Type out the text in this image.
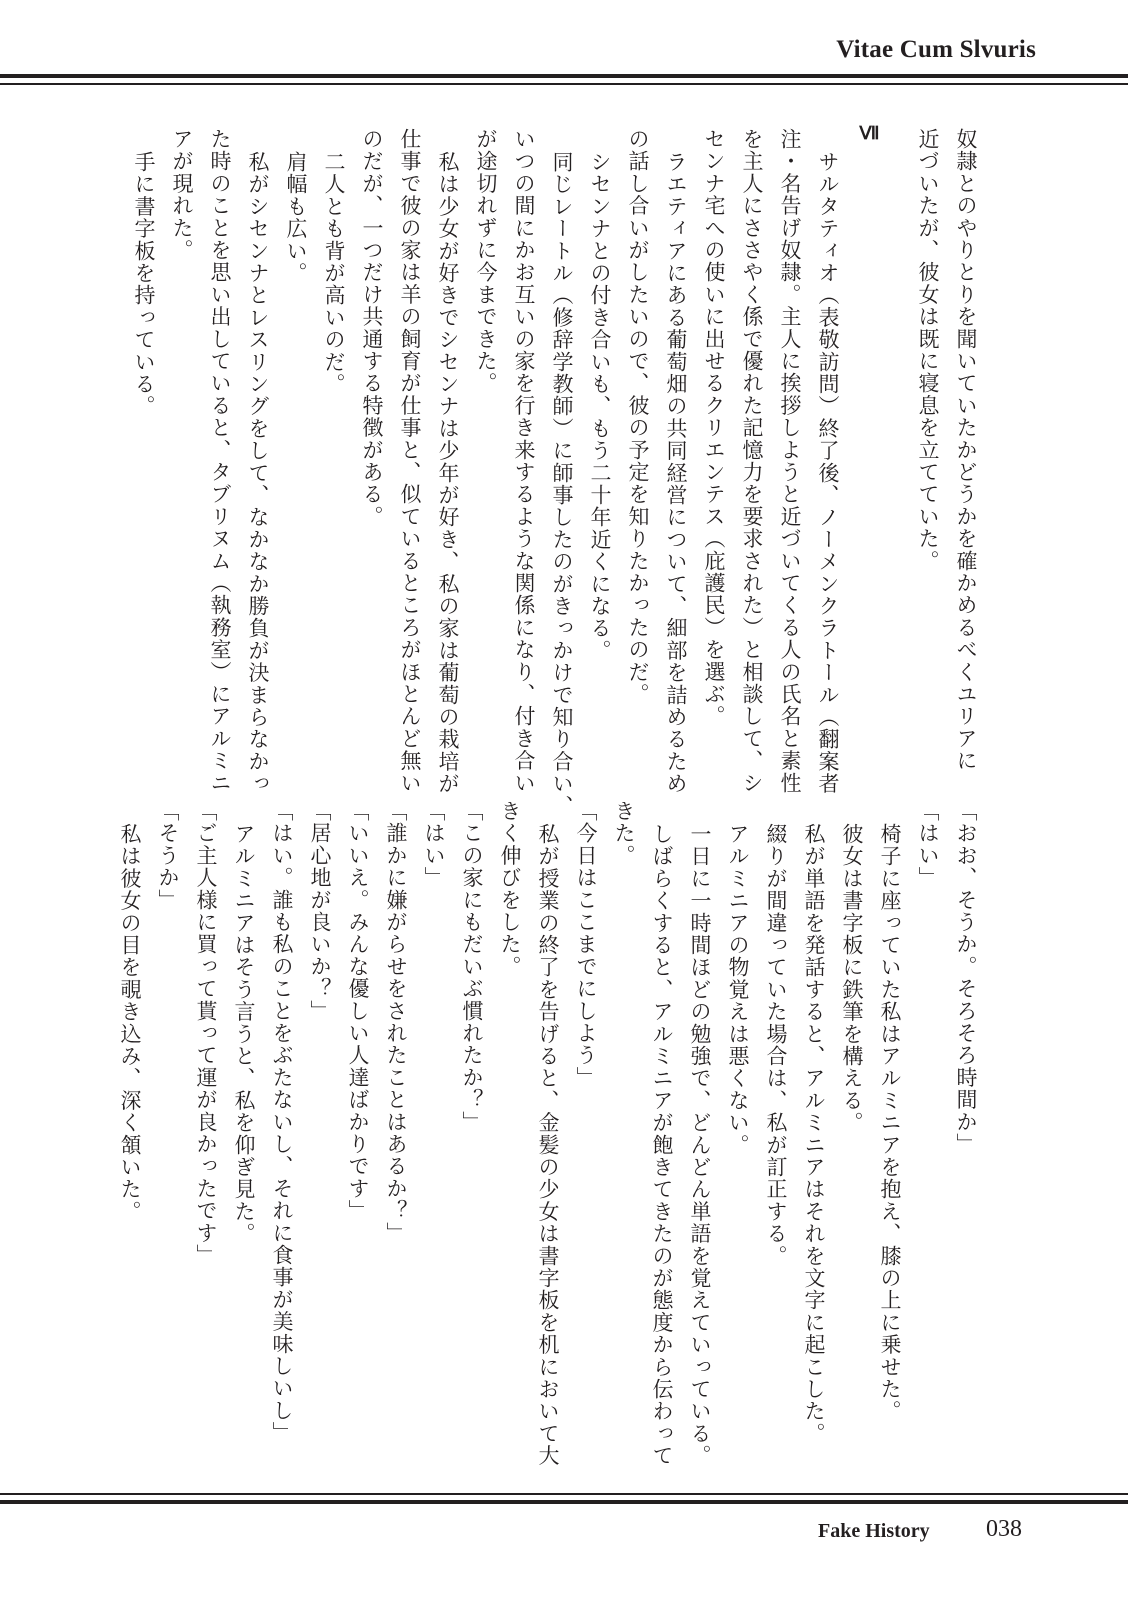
Vitae Cum Slvuris
奴隷とのやりとりを聞いていたかどうかを確かめるべくユリアに
近づいたが、彼女は既に寝息を立てていた。
Ⅶ
サルタティオ（表敬訪問）終了後、ノーメンクラトール（翻案者
注・名告げ奴隷。主人に挨拶しようと近づいてくる人の氏名と素性
を主人にささやく係で優れた記憶力を要求された）と相談して、シ
センナ宅への使いに出せるクリエンテス（庇護民）を選ぶ。
ラエティアにある葡萄畑の共同経営について、細部を詰めるため
の話し合いがしたいので、彼の予定を知りたかったのだ。
シセンナとの付き合いも、もう二十年近くになる。
同じレートル（修辞学教師）に師事したのがきっかけで知り合い、
いつの間にかお互いの家を行き来するような関係になり、付き合い
が途切れずに今まできた。
私は少女が好きでシセンナは少年が好き、私の家は葡萄の栽培が
仕事で彼の家は羊の飼育が仕事と、似ているところがほとんど無い
のだが、一つだけ共通する特徴がある。
二人とも背が高いのだ。
肩幅も広い。
私がシセンナとレスリングをして、なかなか勝負が決まらなかっ
た時のことを思い出していると、タブリヌム（執務室）にアルミニ
アが現れた。
手に書字板を持っている。
「おお、そうか。そろそろ時間か」
「はい」
椅子に座っていた私はアルミニアを抱え、膝の上に乗せた。
彼女は書字板に鉄筆を構える。
私が単語を発話すると、アルミニアはそれを文字に起こした。
綴りが間違っていた場合は、私が訂正する。
アルミニアの物覚えは悪くない。
一日に一時間ほどの勉強で、どんどん単語を覚えていっている。
しばらくすると、アルミニアが飽きてきたのが態度から伝わって
きた。
「今日はここまでにしよう」
私が授業の終了を告げると、金髪の少女は書字板を机において大
きく伸びをした。
「この家にもだいぶ慣れたか？」
「はい」
「誰かに嫌がらせをされたことはあるか？」
「いいえ。みんな優しい人達ばかりです」
「居心地が良いか？」
「はい。誰も私のことをぶたないし、それに食事が美味しいし」
アルミニアはそう言うと、私を仰ぎ見た。
「ご主人様に買って貰って運が良かったです」
「そうか」
私は彼女の目を覗き込み、深く頷いた。
Fake History 038
